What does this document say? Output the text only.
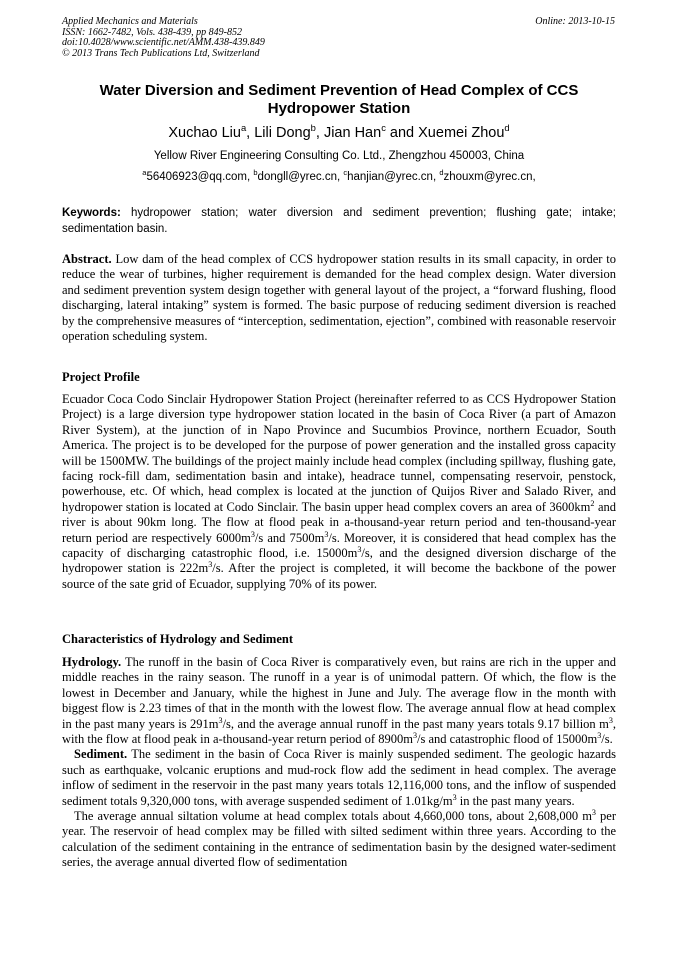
Applied Mechanics and Materials
ISSN: 1662-7482, Vols. 438-439, pp 849-852
doi:10.4028/www.scientific.net/AMM.438-439.849
© 2013 Trans Tech Publications Ltd, Switzerland
Online: 2013-10-15
Water Diversion and Sediment Prevention of Head Complex of CCS
Hydropower Station
Xuchao Liu$^a$, Lili Dong$^b$, Jian Han$^c$ and Xuemei Zhou$^d$
Yellow River Engineering Consulting Co. Ltd., Zhengzhou 450003, China
$^a$56406923@qq.com, $^b$dongll@yrec.cn, $^c$hanjian@yrec.cn, $^d$zhouxm@yrec.cn,
Keywords: hydropower station; water diversion and sediment prevention; flushing gate; intake; sedimentation basin.

Abstract. Low dam of the head complex of CCS hydropower station results in its small capacity, in order to reduce the wear of turbines, higher requirement is demanded for the head complex design. Water diversion and sediment prevention system design together with general layout of the project, a “forward flushing, flood discharging, lateral intaking” system is formed. The basic purpose of reducing sediment diversion is reached by the comprehensive measures of “interception, sedimentation, ejection”, combined with reasonable reservoir operation scheduling system.

Project Profile

Ecuador Coca Codo Sinclair Hydropower Station Project (hereinafter referred to as CCS Hydropower Station Project) is a large diversion type hydropower station located in the basin of Coca River (a part of Amazon River System), at the junction of in Napo Province and Sucumbios Province, northern Ecuador, South America. The project is to be developed for the purpose of power generation and the installed gross capacity will be 1500MW. The buildings of the project mainly include head complex (including spillway, flushing gate, facing rock-fill dam, sedimentation basin and intake), headrace tunnel, compensating reservoir, penstock, powerhouse, etc. Of which, head complex is located at the junction of Quijos River and Salado River, and hydropower station is located at Codo Sinclair. The basin upper head complex covers an area of $3600km^2$ and river is about 90km long. The flow at flood peak in a-thousand-year return period and ten-thousand-year return period are respectively $6000m^3/s$ and $7500m^3/s$. Moreover, it is considered that head complex has the capacity of discharging catastrophic flood, i.e. $15000m^3/s$, and the designed diversion discharge of the hydropower station is $222m^3/s$. After the project is completed, it will become the backbone of the power source of the sate grid of Ecuador, supplying 70% of its power.

Characteristics of Hydrology and Sediment

Hydrology. The runoff in the basin of Coca River is comparatively even, but rains are rich in the upper and middle reaches in the rainy season. The runoff in a year is of unimodal pattern. Of which, the flow is the lowest in December and January, while the highest in June and July. The average flow in the month with biggest flow is 2.23 times of that in the month with the lowest flow. The average annual flow at head complex in the past many years is $291m^3/s$, and the average annual runoff in the past many years totals 9.17 billion $m^3$, with the flow at flood peak in a-thousand-year return period of $8900m^3/s$ and catastrophic flood of $15000m^3/s$.

Sediment. The sediment in the basin of Coca River is mainly suspended sediment. The geologic hazards such as earthquake, volcanic eruptions and mud-rock flow add the sediment in head complex. The average inflow of sediment in the reservoir in the past many years totals 12,116,000 tons, and the inflow of suspended sediment totals 9,320,000 tons, with average suspended sediment of $1.01kg/m^3$ in the past many years.

The average annual siltation volume at head complex totals about 4,660,000 tons, about 2,608,000 $m^3$ per year. The reservoir of head complex may be filled with silted sediment within three years. According to the calculation of the sediment containing in the entrance of sedimentation basin by the designed water-sediment series, the average annual diverted flow of sedimentation
